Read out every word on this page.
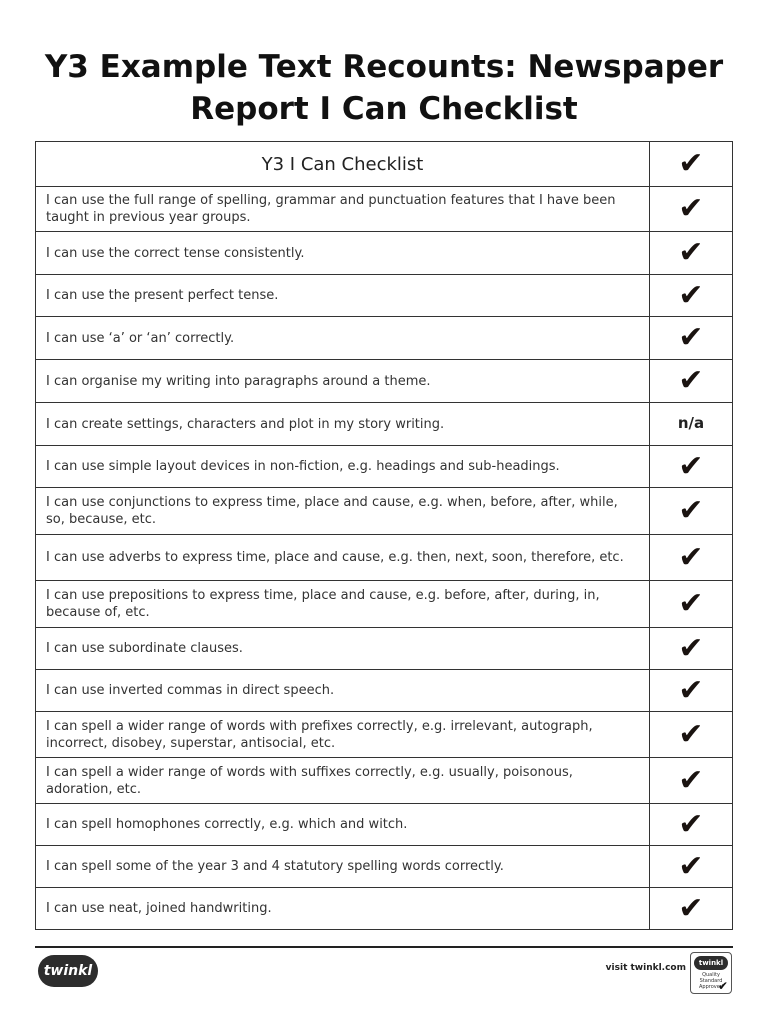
Y3 Example Text Recounts: Newspaper
Report I Can Checklist
Y3 I Can Checklist	✔
I can use the full range of spelling, grammar and punctuation features that I have been taught in previous year groups.	✔
I can use the correct tense consistently.	✔
I can use the present perfect tense.	✔
I can use ‘a’ or ‘an’ correctly.	✔
I can organise my writing into paragraphs around a theme.	✔
I can create settings, characters and plot in my story writing.	n/a
I can use simple layout devices in non-fiction, e.g. headings and sub-headings.	✔
I can use conjunctions to express time, place and cause, e.g. when, before, after, while, so, because, etc.	✔
I can use adverbs to express time, place and cause, e.g. then, next, soon, therefore, etc.	✔
I can use prepositions to express time, place and cause, e.g. before, after, during, in, because of, etc.	✔
I can use subordinate clauses.	✔
I can use inverted commas in direct speech.	✔
I can spell a wider range of words with prefixes correctly, e.g. irrelevant, autograph, incorrect, disobey, superstar, antisocial, etc.	✔
I can spell a wider range of words with suffixes correctly, e.g. usually, poisonous, adoration, etc.	✔
I can spell homophones correctly, e.g. which and witch.	✔
I can spell some of the year 3 and 4 statutory spelling words correctly.	✔
I can use neat, joined handwriting.	✔
twinkl	visit twinkl.com	twinkl
Quality Standard Approved
✔
